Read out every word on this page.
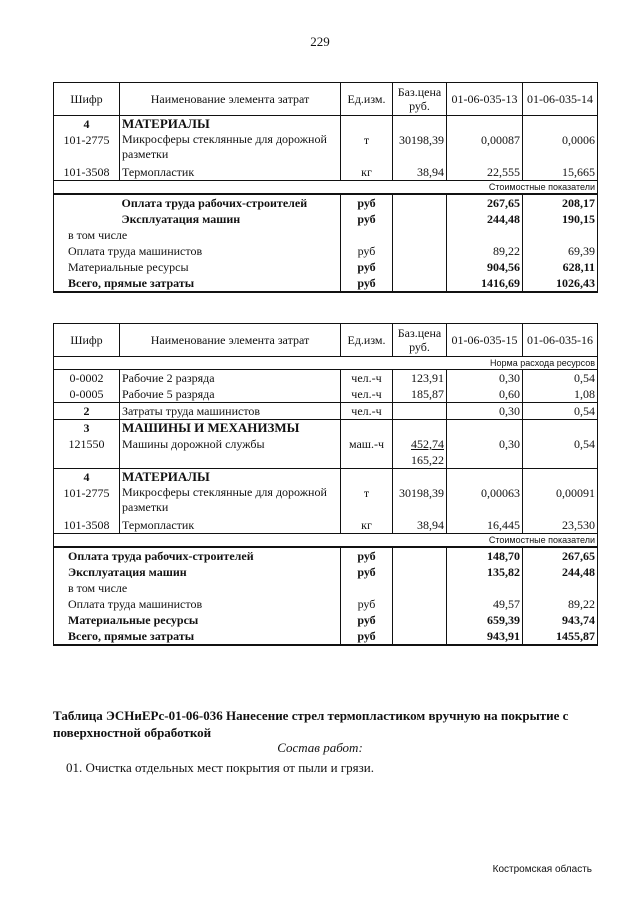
229
Шифр	Наименование элемента затрат	Ед.изм.	Баз.цена руб.	01-06-035-13	01-06-035-14
4	МАТЕРИАЛЫ				
101-2775	Микросферы стеклянные для дорожной разметки	т	30198,39	0,00087	0,0006
101-3508	Термопластик	кг	38,94	22,555	15,665
Стоимостные показатели					
	Оплата труда рабочих-строителей	руб		267,65	208,17
	Эксплуатация машин	руб		244,48	190,15
в том числе					
Оплата труда машинистов		руб		89,22	69,39
Материальные ресурсы		руб		904,56	628,11
Всего, прямые затраты		руб		1416,69	1026,43
Шифр	Наименование элемента затрат	Ед.изм.	Баз.цена руб.	01-06-035-15	01-06-035-16
Норма расхода ресурсов					
0-0002	Рабочие 2 разряда	чел.-ч	123,91	0,30	0,54
0-0005	Рабочие 5 разряда	чел.-ч	185,87	0,60	1,08
2	Затраты труда машинистов	чел.-ч		0,30	0,54
3	МАШИНЫ И МЕХАНИЗМЫ				
121550	Машины дорожной службы	маш.-ч	452,74	0,30	0,54
			165,22		
4	МАТЕРИАЛЫ				
101-2775	Микросферы стеклянные для дорожной разметки	т	30198,39	0,00063	0,00091
101-3508	Термопластик	кг	38,94	16,445	23,530
Стоимостные показатели					
Оплата труда рабочих-строителей		руб		148,70	267,65
Эксплуатация машин		руб		135,82	244,48
в том числе					
Оплата труда машинистов		руб		49,57	89,22
Материальные ресурсы		руб		659,39	943,74
Всего, прямые затраты		руб		943,91	1455,87
Таблица ЭСНиЕРс-01-06-036 Нанесение стрел термопластиком вручную на покрытие с поверхностной обработкой
Состав работ:
01. Очистка отдельных мест покрытия от пыли и грязи.
Костромская область
